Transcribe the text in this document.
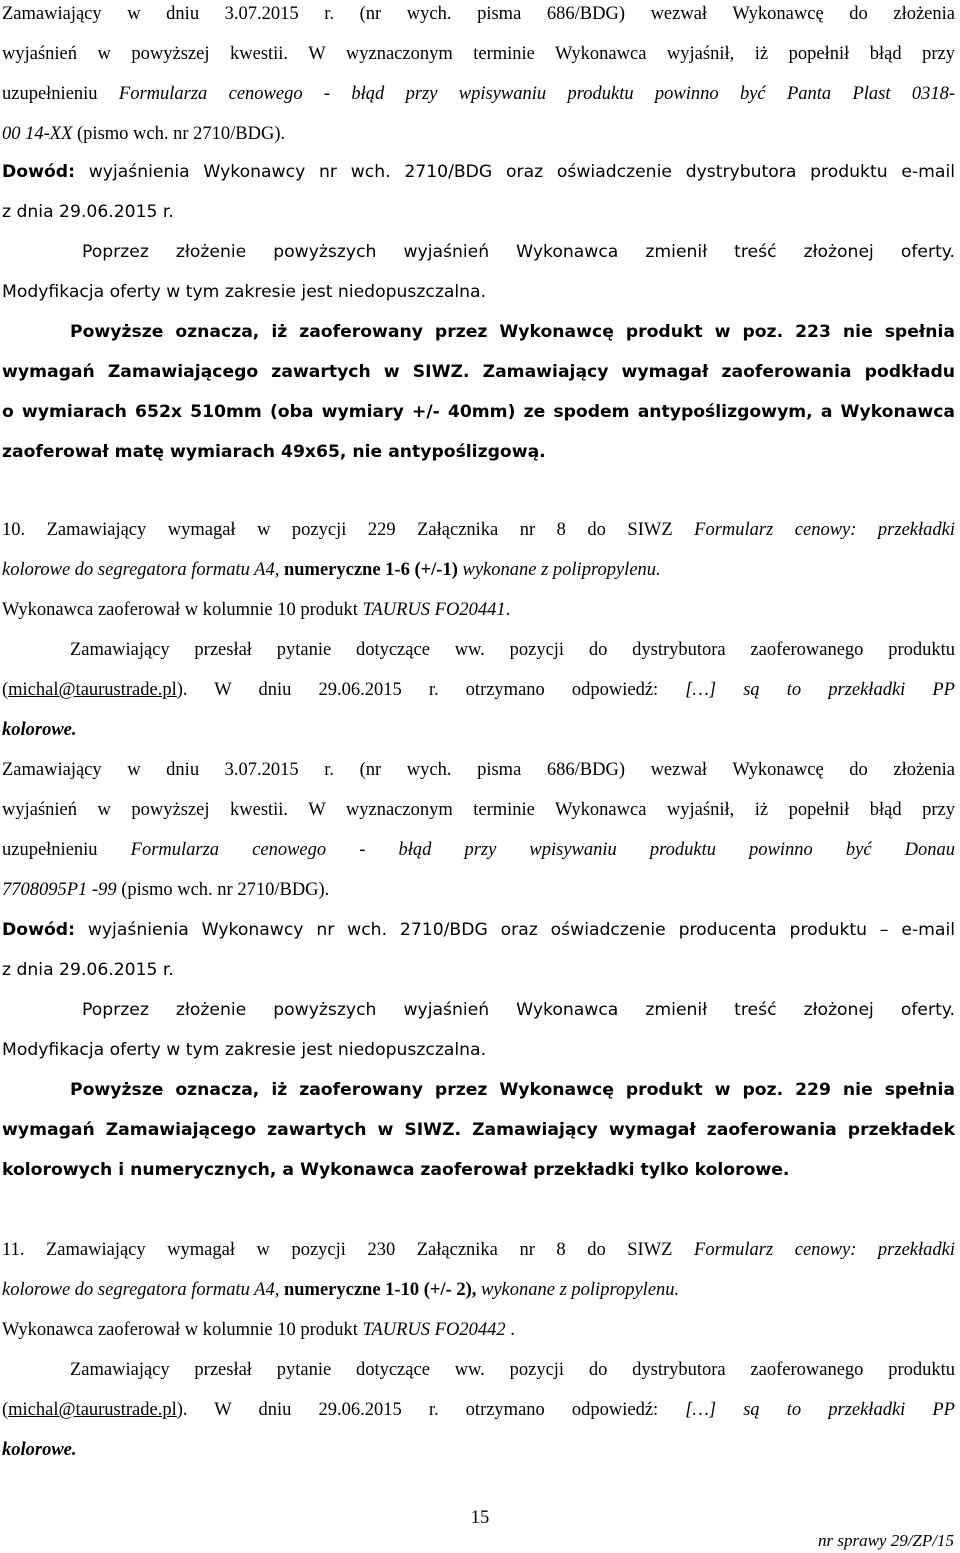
Zamawiający w dniu 3.07.2015 r. (nr wych. pisma 686/BDG) wezwał Wykonawcę do złożenia
wyjaśnień w powyższej kwestii. W wyznaczonym terminie Wykonawca wyjaśnił, iż popełnił błąd przy
uzupełnieniu Formularza cenowego - błąd przy wpisywaniu produktu powinno być Panta Plast 0318-
00 14-XX (pismo wch. nr 2710/BDG).
Dowód: wyjaśnienia Wykonawcy nr wch. 2710/BDG oraz oświadczenie dystrybutora produktu e-mail
z dnia 29.06.2015 r.
Poprzez złożenie powyższych wyjaśnień Wykonawca zmienił treść złożonej oferty.
Modyfikacja oferty w tym zakresie jest niedopuszczalna.
Powyższe oznacza, iż zaoferowany przez Wykonawcę produkt w poz. 223 nie spełnia
wymagań Zamawiającego zawartych w SIWZ. Zamawiający wymagał zaoferowania podkładu
o wymiarach 652x 510mm (oba wymiary +/- 40mm) ze spodem antypoślizgowym, a Wykonawca
zaoferował matę wymiarach 49x65, nie antypoślizgową.
10. Zamawiający wymagał w pozycji 229 Załącznika nr 8 do SIWZ Formularz cenowy: przekładki
kolorowe do segregatora formatu A4, numeryczne 1-6 (+/-1) wykonane z polipropylenu.
Wykonawca zaoferował w kolumnie 10 produkt TAURUS FO20441.
Zamawiający przesłał pytanie dotyczące ww. pozycji do dystrybutora zaoferowanego produktu
(michal@taurustrade.pl). W dniu 29.06.2015 r. otrzymano odpowiedź: […] są to przekładki PP
kolorowe.
Zamawiający w dniu 3.07.2015 r. (nr wych. pisma 686/BDG) wezwał Wykonawcę do złożenia
wyjaśnień w powyższej kwestii. W wyznaczonym terminie Wykonawca wyjaśnił, iż popełnił błąd przy
uzupełnieniu Formularza cenowego - błąd przy wpisywaniu produktu powinno być Donau
7708095P1 -99 (pismo wch. nr 2710/BDG).
Dowód: wyjaśnienia Wykonawcy nr wch. 2710/BDG oraz oświadczenie producenta produktu – e-mail
z dnia 29.06.2015 r.
Poprzez złożenie powyższych wyjaśnień Wykonawca zmienił treść złożonej oferty.
Modyfikacja oferty w tym zakresie jest niedopuszczalna.
Powyższe oznacza, iż zaoferowany przez Wykonawcę produkt w poz. 229 nie spełnia
wymagań Zamawiającego zawartych w SIWZ. Zamawiający wymagał zaoferowania przekładek
kolorowych i numerycznych, a Wykonawca zaoferował przekładki tylko kolorowe.
11. Zamawiający wymagał w pozycji 230 Załącznika nr 8 do SIWZ Formularz cenowy: przekładki
kolorowe do segregatora formatu A4, numeryczne 1-10 (+/- 2), wykonane z polipropylenu.
Wykonawca zaoferował w kolumnie 10 produkt TAURUS FO20442 .
Zamawiający przesłał pytanie dotyczące ww. pozycji do dystrybutora zaoferowanego produktu
(michal@taurustrade.pl). W dniu 29.06.2015 r. otrzymano odpowiedź: […] są to przekładki PP
kolorowe.
15
nr sprawy 29/ZP/15
